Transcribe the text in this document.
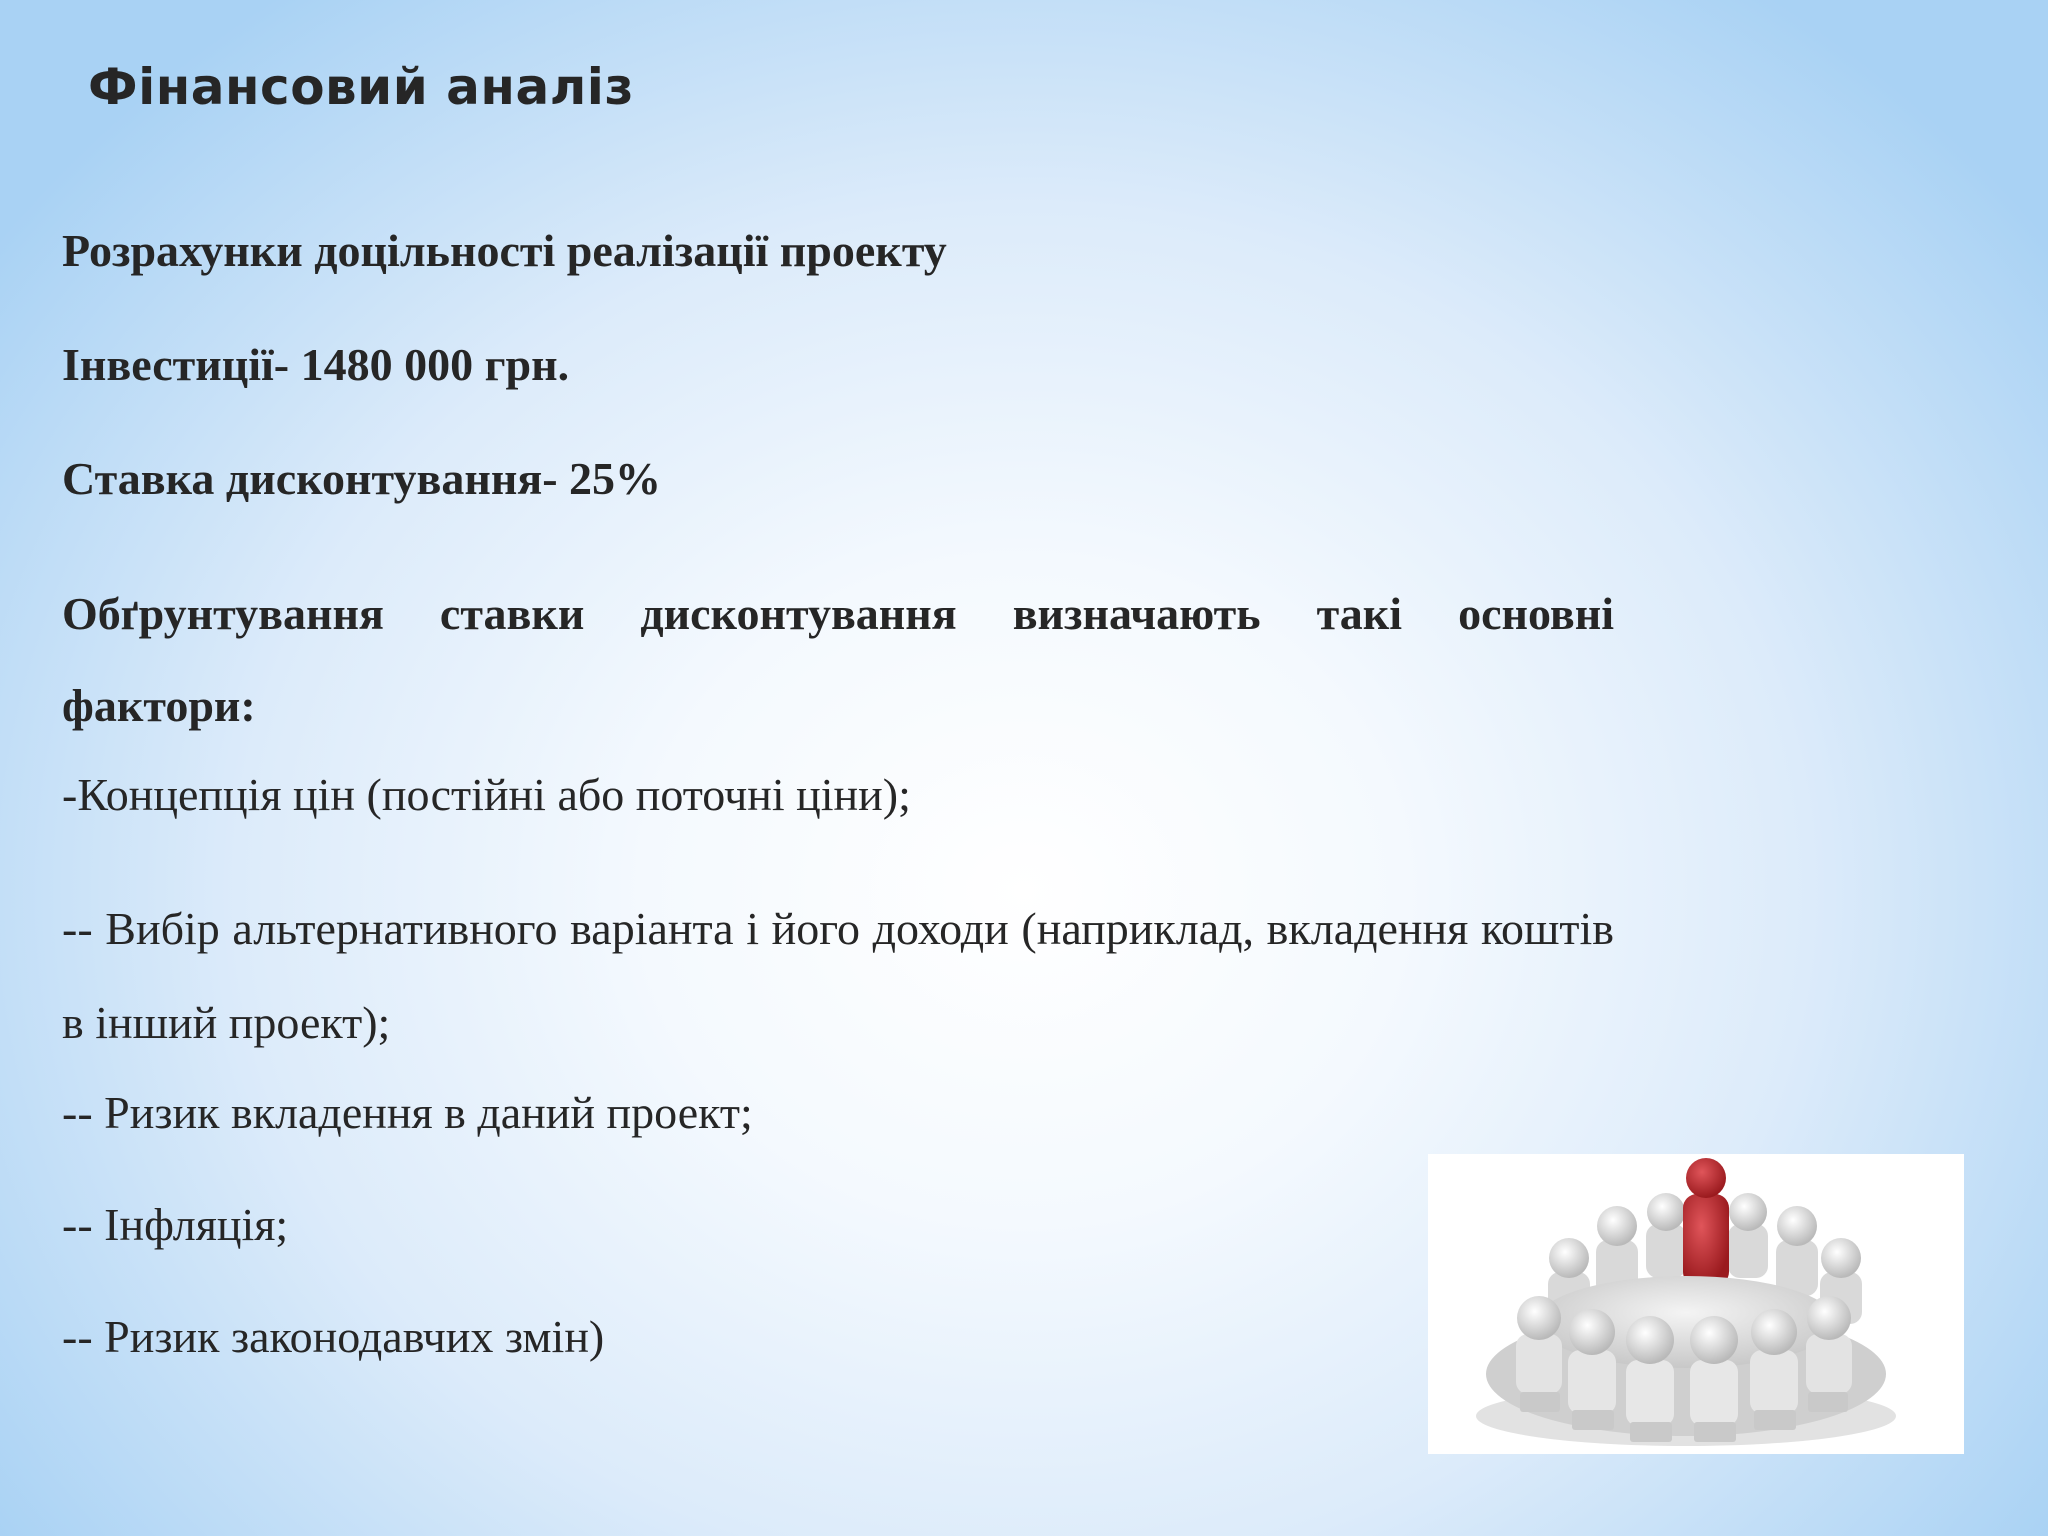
Фінансовий аналіз

Розрахунки доцільності реалізації проекту

Інвестиції- 1480 000 грн.

Ставка дисконтування- 25%

Обґрунтування ставки дисконтування визначають такі основні фактори:

-Концепція цін (постійні або поточні ціни);

-- Вибір альтернативного варіанта і його доходи (наприклад, вкладення коштів в інший проект);

-- Ризик вкладення в даний проект;

-- Інфляція;

-- Ризик законодавчих змін)
